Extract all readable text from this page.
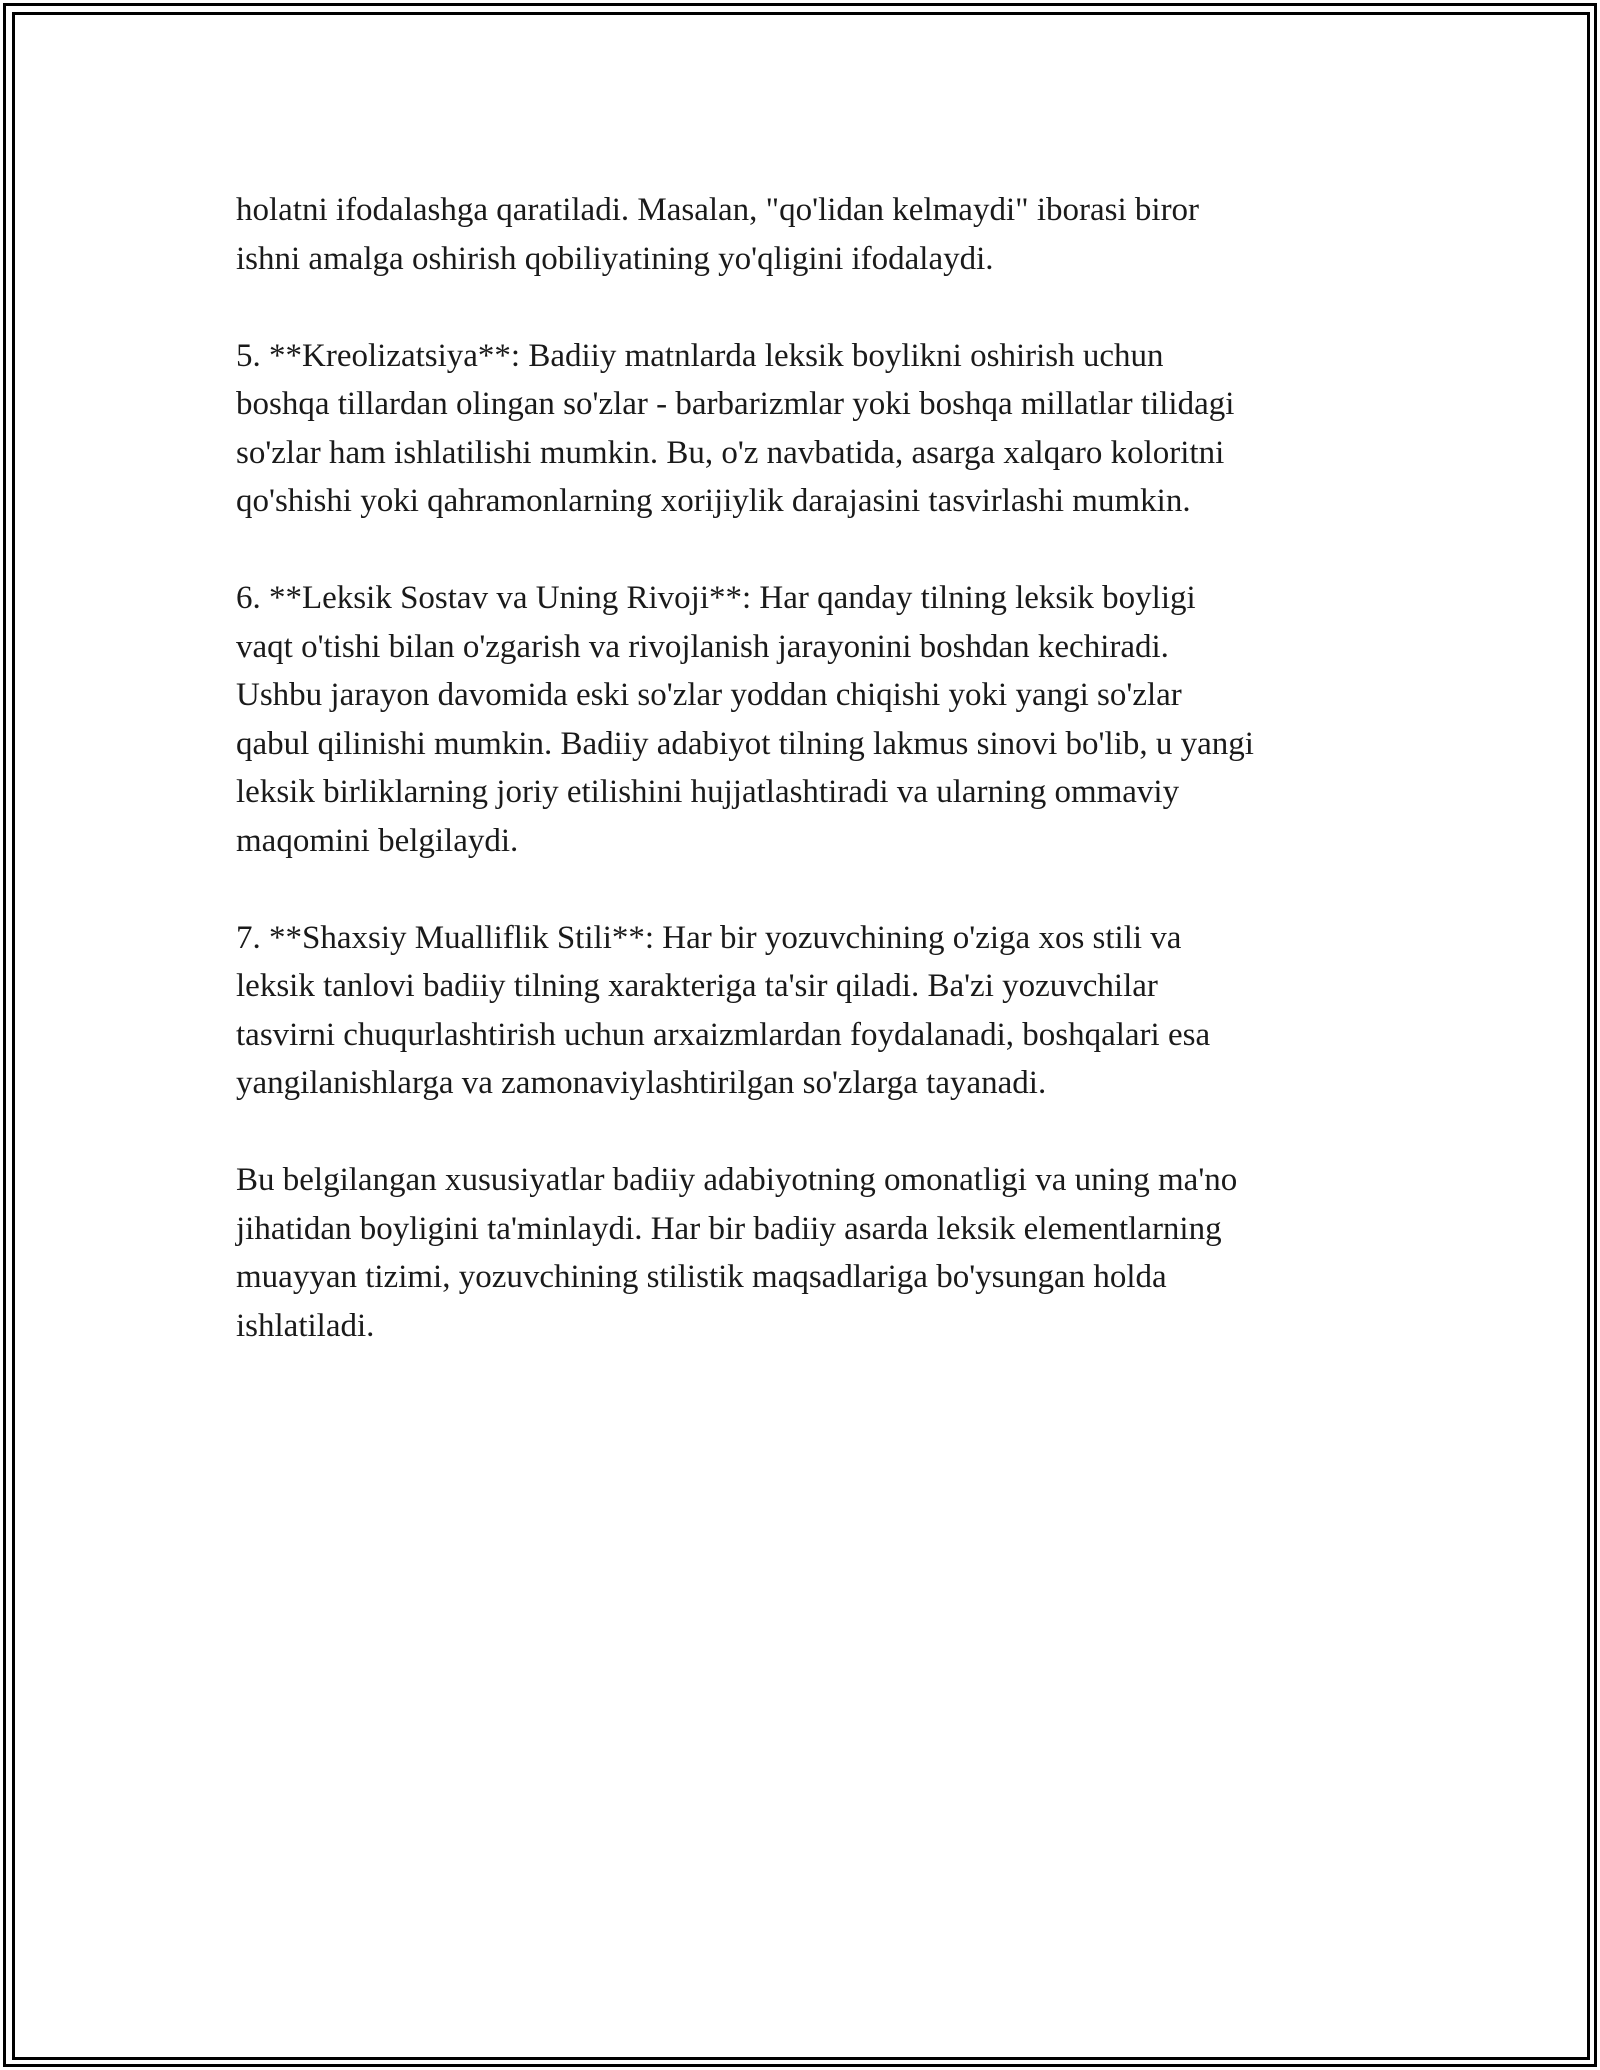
holatni ifodalashga qaratiladi. Masalan, "qo'lidan kelmaydi" iborasi biror
ishni amalga oshirish qobiliyatining yo'qligini ifodalaydi.

5. **Kreolizatsiya**: Badiiy matnlarda leksik boylikni oshirish uchun
boshqa tillardan olingan so'zlar - barbarizmlar yoki boshqa millatlar tilidagi
so'zlar ham ishlatilishi mumkin. Bu, o'z navbatida, asarga xalqaro koloritni
qo'shishi yoki qahramonlarning xorijiylik darajasini tasvirlashi mumkin.

6. **Leksik Sostav va Uning Rivoji**: Har qanday tilning leksik boyligi
vaqt o'tishi bilan o'zgarish va rivojlanish jarayonini boshdan kechiradi.
Ushbu jarayon davomida eski so'zlar yoddan chiqishi yoki yangi so'zlar
qabul qilinishi mumkin. Badiiy adabiyot tilning lakmus sinovi bo'lib, u yangi
leksik birliklarning joriy etilishini hujjatlashtiradi va ularning ommaviy
maqomini belgilaydi.

7. **Shaxsiy Mualliflik Stili**: Har bir yozuvchining o'ziga xos stili va
leksik tanlovi badiiy tilning xarakteriga ta'sir qiladi. Ba'zi yozuvchilar
tasvirni chuqurlashtirish uchun arxaizmlardan foydalanadi, boshqalari esa
yangilanishlarga va zamonaviylashtirilgan so'zlarga tayanadi.

Bu belgilangan xususiyatlar badiiy adabiyotning omonatligi va uning ma'no
jihatidan boyligini ta'minlaydi. Har bir badiiy asarda leksik elementlarning
muayyan tizimi, yozuvchining stilistik maqsadlariga bo'ysungan holda
ishlatiladi.
